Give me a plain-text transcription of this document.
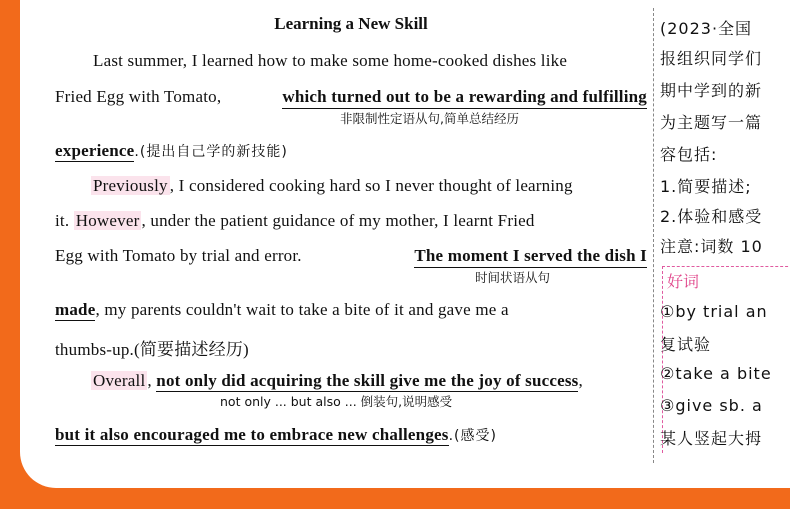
Learning a New Skill
Last summer, I learned how to make some home-cooked dishes like
Fried Egg with Tomato,	which turned out to be a rewarding and fulfilling
非限制性定语从句,简单总结经历
experience.(提出自己学的新技能)
Previously , I considered cooking hard so I never thought of learning
it. However , under the patient guidance of my mother, I learnt Fried
Egg with Tomato by trial and error.	The moment I served the dish I
时间状语从句
made, my parents couldn't wait to take a bite of it and gave me a
thumbs-up.(简要描述经历)
Overall , not only did acquiring the skill give me the joy of success,
not only ... but also ... 倒装句,说明感受
but it also encouraged me to embrace new challenges.(感受)
(2023·全国
报组织同学们
期中学到的新
为主题写一篇
容包括:
1.简要描述;
2.体验和感受
注意:词数 10
好词
①by trial an
复试验
②take a bite
③give sb. a
某人竖起大拇
